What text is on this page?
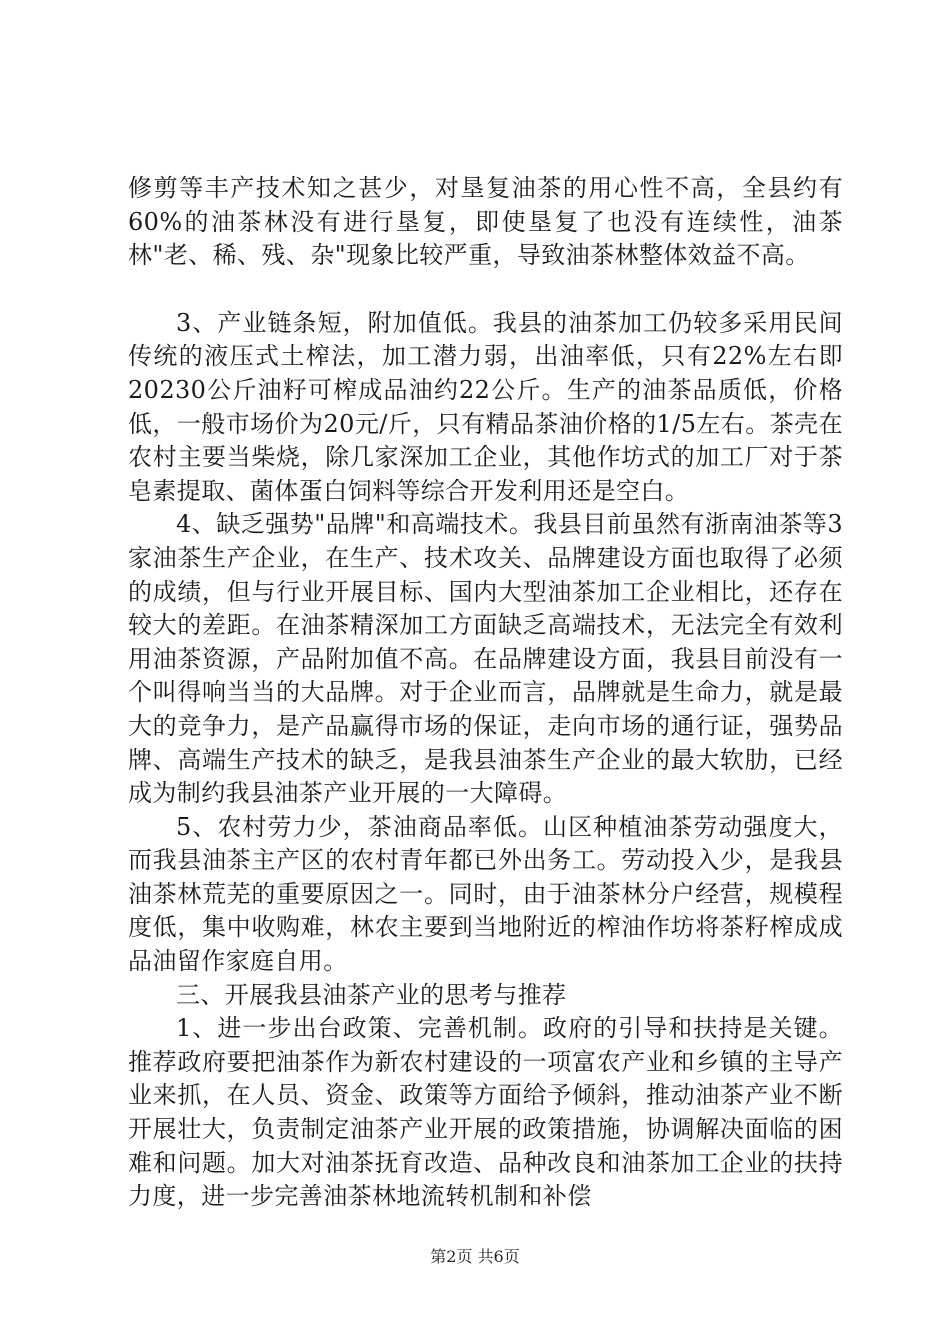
修剪等丰产技术知之甚少，对垦复油茶的用心性不高，全县约有60%的油茶林没有进行垦复，即使垦复了也没有连续性，油茶林"老、稀、残、杂"现象比较严重，导致油茶林整体效益不高。

3、产业链条短，附加值低。我县的油茶加工仍较多采用民间传统的液压式土榨法，加工潜力弱，出油率低，只有22%左右即20230公斤油籽可榨成品油约22公斤。生产的油茶品质低，价格低，一般市场价为20元/斤，只有精品茶油价格的1/5左右。茶壳在农村主要当柴烧，除几家深加工企业，其他作坊式的加工厂对于茶皂素提取、菌体蛋白饲料等综合开发利用还是空白。

4、缺乏强势"品牌"和高端技术。我县目前虽然有浙南油茶等3家油茶生产企业，在生产、技术攻关、品牌建设方面也取得了必须的成绩，但与行业开展目标、国内大型油茶加工企业相比，还存在较大的差距。在油茶精深加工方面缺乏高端技术，无法完全有效利用油茶资源，产品附加值不高。在品牌建设方面，我县目前没有一个叫得响当当的大品牌。对于企业而言，品牌就是生命力，就是最大的竞争力，是产品赢得市场的保证，走向市场的通行证，强势品牌、高端生产技术的缺乏，是我县油茶生产企业的最大软肋，已经成为制约我县油茶产业开展的一大障碍。

5、农村劳力少，茶油商品率低。山区种植油茶劳动强度大，而我县油茶主产区的农村青年都已外出务工。劳动投入少，是我县油茶林荒芜的重要原因之一。同时，由于油茶林分户经营，规模程度低，集中收购难，林农主要到当地附近的榨油作坊将茶籽榨成成品油留作家庭自用。

三、开展我县油茶产业的思考与推荐

1、进一步出台政策、完善机制。政府的引导和扶持是关键。推荐政府要把油茶作为新农村建设的一项富农产业和乡镇的主导产业来抓，在人员、资金、政策等方面给予倾斜，推动油茶产业不断开展壮大，负责制定油茶产业开展的政策措施，协调解决面临的困难和问题。加大对油茶抚育改造、品种改良和油茶加工企业的扶持力度，进一步完善油茶林地流转机制和补偿

第2页 共6页
